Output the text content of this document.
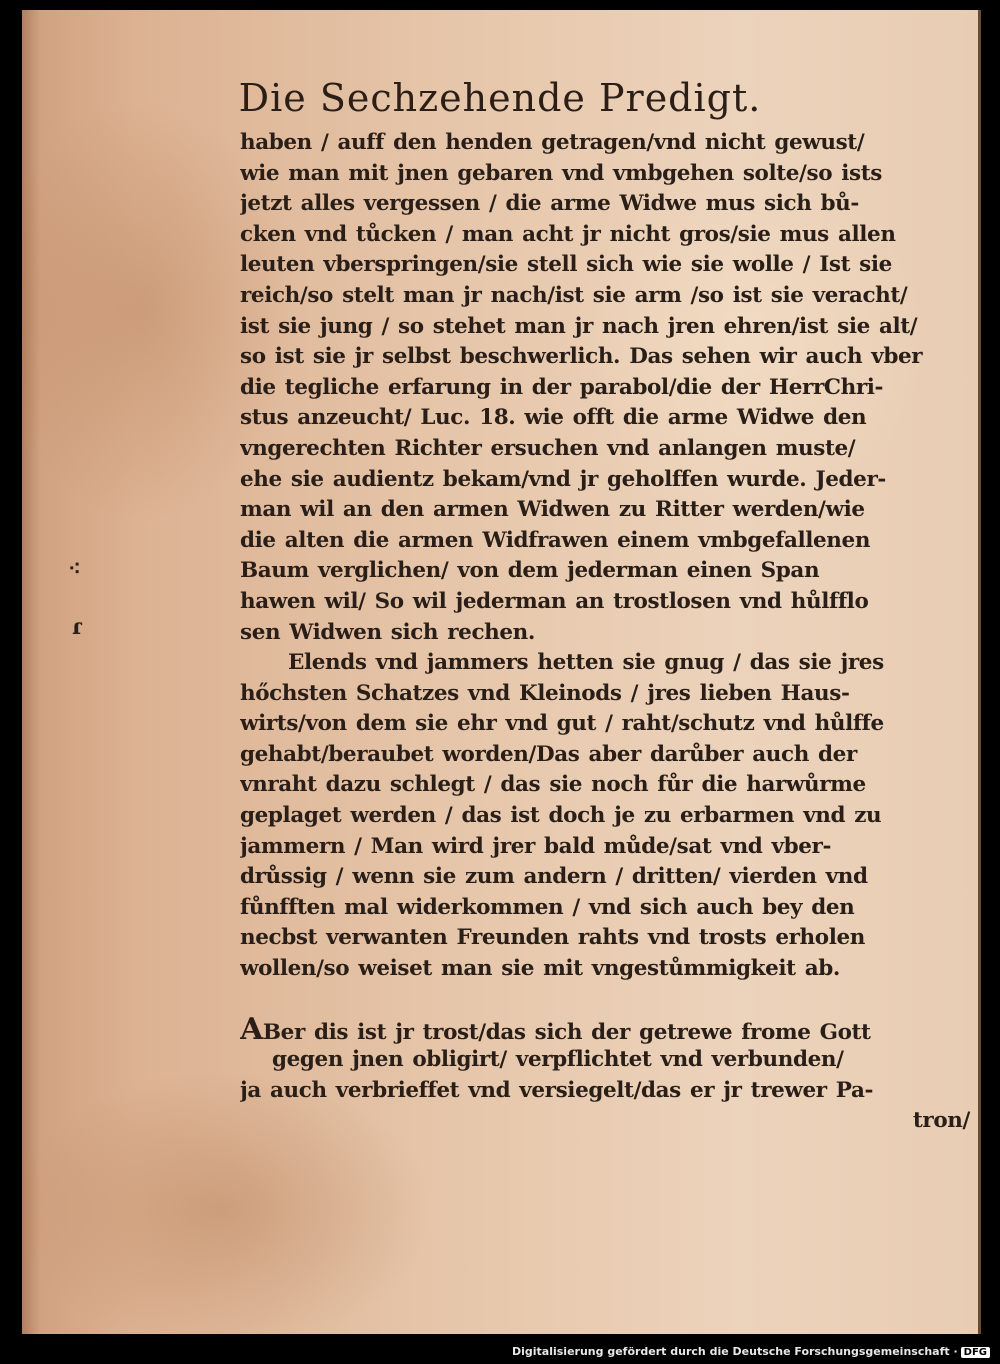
Die Sechzehende Predigt.
⁖
ɾ
haben / auff den henden getragen/vnd nicht gewust/
wie man mit jnen gebaren vnd vmbgehen solte/so ists
jetzt alles vergessen / die arme Widwe mus sich bů-
cken vnd tůcken / man acht jr nicht gros/sie mus allen
leuten vberspringen/sie stell sich wie sie wolle / Ist sie
reich/so stelt man jr nach/ist sie arm /so ist sie veracht/
ist sie jung / so stehet man jr nach jren ehren/ist sie alt/
so ist sie jr selbst beschwerlich. Das sehen wir auch vber
die tegliche erfarung in der parabol/die der HerrChri-
stus anzeucht/ Luc. 18. wie offt die arme Widwe den
vngerechten Richter ersuchen vnd anlangen muste/
ehe sie audientz bekam/vnd jr geholffen wurde. Jeder-
man wil an den armen Widwen zu Ritter werden/wie
die alten die armen Widfrawen einem vmbgefallenen
Baum verglichen/ von dem jederman einen Span
hawen wil/ So wil jederman an trostlosen vnd hůlfflo
sen Widwen sich rechen.
Elends vnd jammers hetten sie gnug / das sie jres
hőchsten Schatzes vnd Kleinods / jres lieben Haus-
wirts/von dem sie ehr vnd gut / raht/schutz vnd hůlffe
gehabt/beraubet worden/Das aber darůber auch der
vnraht dazu schlegt / das sie noch fůr die harwůrme
geplaget werden / das ist doch je zu erbarmen vnd zu
jammern / Man wird jrer bald můde/sat vnd vber-
drůssig / wenn sie zum andern / dritten/ vierden vnd
fůnfften mal widerkommen / vnd sich auch bey den
necbst verwanten Freunden rahts vnd trosts erholen
wollen/so weiset man sie mit vngestůmmigkeit ab.
ABer dis ist jr trost/das sich der getrewe frome Gott
gegen jnen obligirt/ verpflichtet vnd verbunden/
ja auch verbrieffet vnd versiegelt/das er jr trewer Pa-
tron/
Digitalisierung gefördert durch die Deutsche Forschungsgemeinschaft · DFG
